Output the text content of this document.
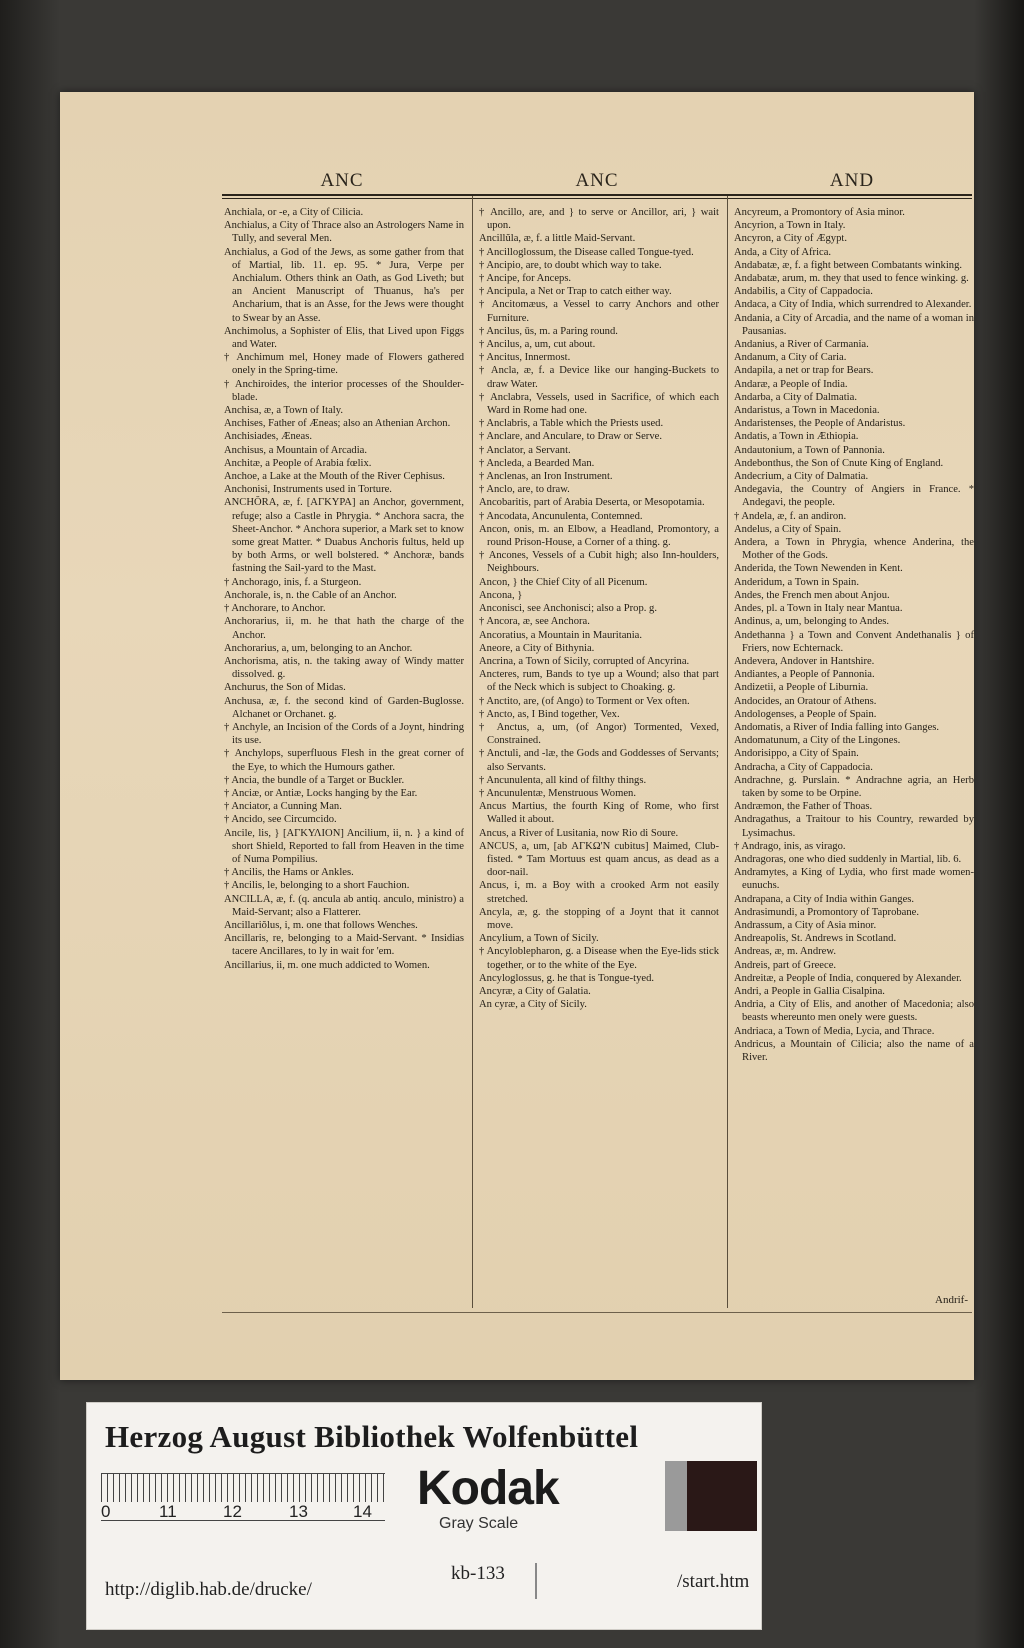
ANC	ANC	AND

Anchiala, or -e, a City of Cilicia.

Anchialus, a City of Thrace also an Astrologers Name in Tully, and several Men.

Anchialus, a God of the Jews, as some gather from that of Martial, lib. 11. ep. 95. * Jura, Verpe per Anchialum. Others think an Oath, as God Liveth; but an Ancient Manuscript of Thuanus, ha's per Ancharium, that is an Asse, for the Jews were thought to Swear by an Asse.

Anchimolus, a Sophister of Elis, that Lived upon Figgs and Water.

† Anchimum mel, Honey made of Flowers gathered onely in the Spring-time.

† Anchiroides, the interior processes of the Shoulder-blade.

Anchisa, æ, a Town of Italy.

Anchises, Father of Æneas; also an Athenian Archon.

Anchisiades, Æneas.

Anchisus, a Mountain of Arcadia.

Anchitæ, a People of Arabia fœlix.

Anchoe, a Lake at the Mouth of the River Cephisus.

Anchonisi, Instruments used in Torture.

ANCHŎRA, æ, f. [ΑΓΚΥΡΑ] an Anchor, government, refuge; also a Castle in Phrygia. * Anchora sacra, the Sheet-Anchor. * Anchora superior, a Mark set to know some great Matter. * Duabus Anchoris fultus, held up by both Arms, or well bolstered. * Anchoræ, bands fastning the Sail-yard to the Mast.

† Anchorago, inis, f. a Sturgeon.

Anchorale, is, n. the Cable of an Anchor.

† Anchorare, to Anchor.

Anchorarius, ii, m. he that hath the charge of the Anchor.

Anchorarius, a, um, belonging to an Anchor.

Anchorisma, atis, n. the taking away of Windy matter dissolved. g.

Anchurus, the Son of Midas.

Anchusa, æ, f. the second kind of Garden-Buglosse. Alchanet or Orchanet. g.

† Anchyle, an Incision of the Cords of a Joynt, hindring its use.

† Anchylops, superfluous Flesh in the great corner of the Eye, to which the Humours gather.

† Ancia, the bundle of a Target or Buckler.

† Anciæ, or Antiæ, Locks hanging by the Ear.

† Anciator, a Cunning Man.

† Ancido, see Circumcido.

Ancile, lis, } [ΑΓΚΥΛΙΟΝ] Ancilium, ii, n. } a kind of short Shield, Reported to fall from Heaven in the time of Numa Pompilius.

† Ancilis, the Hams or Ankles.

† Ancilis, le, belonging to a short Fauchion.

ANCILLA, æ, f. (q. ancula ab antiq. anculo, ministro) a Maid-Servant; also a Flatterer.

Ancillariŏlus, i, m. one that follows Wenches.

Ancillaris, re, belonging to a Maid-Servant. * Insidias tacere Ancillares, to ly in wait for 'em.

Ancillarius, ii, m. one much addicted to Women.

† Ancillo, are, and } to serve or Ancillor, ari, } wait upon.

Ancillŭla, æ, f. a little Maid-Servant.

† Ancilloglossum, the Disease called Tongue-tyed.

† Ancipio, are, to doubt which way to take.

† Ancipe, for Anceps.

† Ancipula, a Net or Trap to catch either way.

† Ancitomæus, a Vessel to carry Anchors and other Furniture.

† Ancilus, ūs, m. a Paring round.

† Ancilus, a, um, cut about.

† Ancitus, Innermost.

† Ancla, æ, f. a Device like our hanging-Buckets to draw Water.

† Anclabra, Vessels, used in Sacrifice, of which each Ward in Rome had one.

† Anclabris, a Table which the Priests used.

† Anclare, and Anculare, to Draw or Serve.

† Anclator, a Servant.

† Ancleda, a Bearded Man.

† Anclenas, an Iron Instrument.

† Anclo, are, to draw.

Ancobaritis, part of Arabia Deserta, or Mesopotamia.

† Ancodata, Ancunulenta, Contemned.

Ancon, onis, m. an Elbow, a Headland, Promontory, a round Prison-House, a Corner of a thing. g.

† Ancones, Vessels of a Cubit high; also Inn-houlders, Neighbours.

Ancon, } the Chief City of all Picenum.

Ancona, }

Anconisci, see Anchonisci; also a Prop. g.

† Ancora, æ, see Anchora.

Ancoratius, a Mountain in Mauritania.

Aneore, a City of Bithynia.

Ancrina, a Town of Sicily, corrupted of Ancyrina.

Ancteres, rum, Bands to tye up a Wound; also that part of the Neck which is subject to Choaking. g.

† Anctito, are, (of Ango) to Torment or Vex often.

† Ancto, as, I Bind together, Vex.

† Anctus, a, um, (of Angor) Tormented, Vexed, Constrained.

† Anctuli, and -læ, the Gods and Goddesses of Servants; also Servants.

† Ancunulenta, all kind of filthy things.

† Ancunulentæ, Menstruous Women.

Ancus Martius, the fourth King of Rome, who first Walled it about.

Ancus, a River of Lusitania, now Rio di Soure.

ANCUS, a, um, [ab ΑΓΚΩ'Ν cubitus] Maimed, Club-fisted. * Tam Mortuus est quam ancus, as dead as a door-nail.

Ancus, i, m. a Boy with a crooked Arm not easily stretched.

Ancyla, æ, g. the stopping of a Joynt that it cannot move.

Ancylium, a Town of Sicily.

† Ancyloblepharon, g. a Disease when the Eye-lids stick together, or to the white of the Eye.

Ancyloglossus, g. he that is Tongue-tyed.

Ancyræ, a City of Galatia.

An cyræ, a City of Sicily.

Ancyreum, a Promontory of Asia minor.

Ancyrion, a Town in Italy.

Ancyron, a City of Ægypt.

Anda, a City of Africa.

Andabatæ, æ, f. a fight between Combatants winking.

Andabatæ, arum, m. they that used to fence winking. g.

Andabilis, a City of Cappadocia.

Andaca, a City of India, which surrendred to Alexander.

Andania, a City of Arcadia, and the name of a woman in Pausanias.

Andanius, a River of Carmania.

Andanum, a City of Caria.

Andapila, a net or trap for Bears.

Andaræ, a People of India.

Andarba, a City of Dalmatia.

Andaristus, a Town in Macedonia.

Andaristenses, the People of Andaristus.

Andatis, a Town in Æthiopia.

Andautonium, a Town of Pannonia.

Andebonthus, the Son of Cnute King of England.

Andecrium, a City of Dalmatia.

Andegavia, the Country of Angiers in France. * Andegavi, the people.

† Andela, æ, f. an andiron.

Andelus, a City of Spain.

Andera, a Town in Phrygia, whence Anderina, the Mother of the Gods.

Anderida, the Town Newenden in Kent.

Anderidum, a Town in Spain.

Andes, the French men about Anjou.

Andes, pl. a Town in Italy near Mantua.

Andinus, a, um, belonging to Andes.

Andethanna } a Town and Convent Andethanalis } of Friers, now Echternack.

Andevera, Andover in Hantshire.

Andiantes, a People of Pannonia.

Andizetii, a People of Liburnia.

Andocides, an Oratour of Athens.

Andologenses, a People of Spain.

Andomatis, a River of India falling into Ganges.

Andomatunum, a City of the Lingones.

Andorisippo, a City of Spain.

Andracha, a City of Cappadocia.

Andrachne, g. Purslain. * Andrachne agria, an Herb taken by some to be Orpine.

Andræmon, the Father of Thoas.

Andragathus, a Traitour to his Country, rewarded by Lysimachus.

† Andrago, inis, as virago.

Andragoras, one who died suddenly in Martial, lib. 6.

Andramytes, a King of Lydia, who first made women-eunuchs.

Andrapana, a City of India within Ganges.

Andrasimundi, a Promontory of Taprobane.

Andrassum, a City of Asia minor.

Andreapolis, St. Andrews in Scotland.

Andreas, æ, m. Andrew.

Andreis, part of Greece.

Andreitæ, a People of India, conquered by Alexander.

Andri, a People in Gallia Cisalpina.

Andria, a City of Elis, and another of Macedonia; also beasts whereunto men onely were guests.

Andriaca, a Town of Media, Lycia, and Thrace.

Andricus, a Mountain of Cilicia; also the name of a River.

Andrif-
Herzog August Bibliothek Wolfenbüttel
0	11	12	13	14 Kodak
Gray Scale
http://diglib.hab.de/drucke/
kb-133	/start.htm
